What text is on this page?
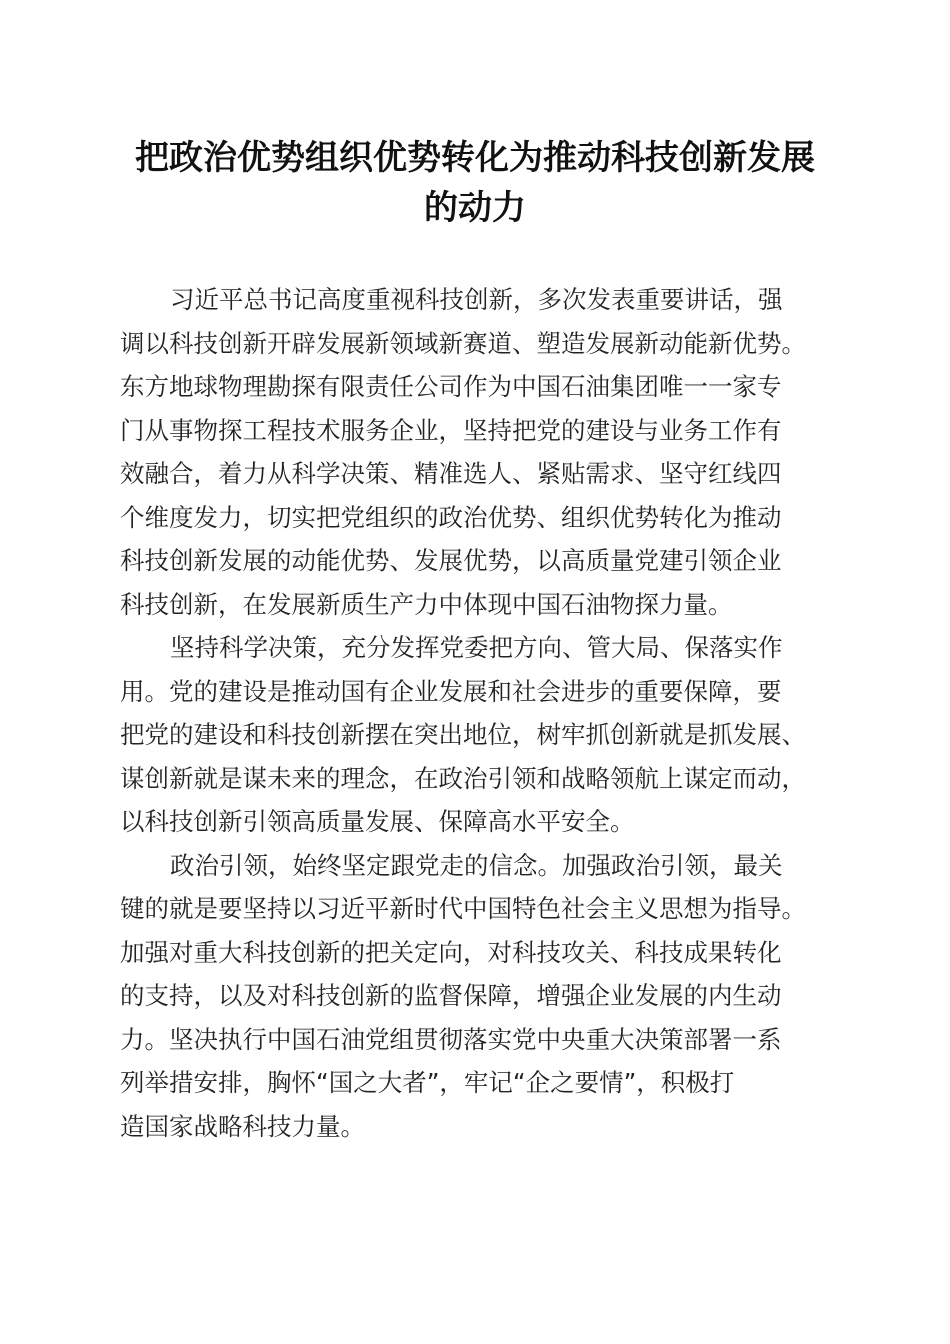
把政治优势组织优势转化为推动科技创新发展
的动力

习近平总书记高度重视科技创新，多次发表重要讲话，强
调以科技创新开辟发展新领域新赛道、塑造发展新动能新优势。
东方地球物理勘探有限责任公司作为中国石油集团唯一一家专
门从事物探工程技术服务企业，坚持把党的建设与业务工作有
效融合，着力从科学决策、精准选人、紧贴需求、坚守红线四
个维度发力，切实把党组织的政治优势、组织优势转化为推动
科技创新发展的动能优势、发展优势，以高质量党建引领企业
科技创新，在发展新质生产力中体现中国石油物探力量。

坚持科学决策，充分发挥党委把方向、管大局、保落实作
用。党的建设是推动国有企业发展和社会进步的重要保障，要
把党的建设和科技创新摆在突出地位，树牢抓创新就是抓发展、
谋创新就是谋未来的理念，在政治引领和战略领航上谋定而动，
以科技创新引领高质量发展、保障高水平安全。

政治引领，始终坚定跟党走的信念。加强政治引领，最关
键的就是要坚持以习近平新时代中国特色社会主义思想为指导。
加强对重大科技创新的把关定向，对科技攻关、科技成果转化
的支持，以及对科技创新的监督保障，增强企业发展的内生动
力。坚决执行中国石油党组贯彻落实党中央重大决策部署一系
列举措安排，胸怀“国之大者”，牢记“企之要情”，积极打
造国家战略科技力量。
